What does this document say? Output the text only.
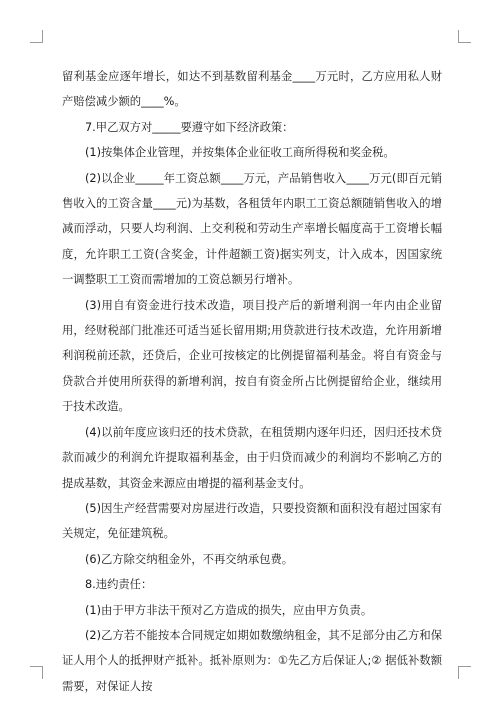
留利基金应逐年增长，如达不到基数留利基金____万元时，乙方应用私人财产赔偿减少额的____%。

7.甲乙双方对_____要遵守如下经济政策：

(1)按集体企业管理，并按集体企业征收工商所得税和奖金税。

(2)以企业_____年工资总额____万元，产品销售收入____万元(即百元销售收入的工资含量____元)为基数，各租赁年内职工工资总额随销售收入的增减而浮动，只要人均利润、上交利税和劳动生产率增长幅度高于工资增长幅度，允许职工工资(含奖金，计件超额工资)据实列支，计入成本，因国家统一调整职工工资而需增加的工资总额另行增补。

(3)用自有资金进行技术改造，项目投产后的新增利润一年内由企业留用，经财税部门批准还可适当延长留用期;用贷款进行技术改造，允许用新增利润税前还款，还贷后，企业可按核定的比例提留福利基金。将自有资金与贷款合并使用所获得的新增利润，按自有资金所占比例提留给企业，继续用于技术改造。

(4)以前年度应该归还的技术贷款，在租赁期内逐年归还，因归还技术贷款而减少的利润允许提取福利基金，由于归贷而减少的利润均不影响乙方的提成基数，其资金来源应由增提的福利基金支付。

(5)因生产经营需要对房屋进行改造，只要投资额和面积没有超过国家有关规定，免征建筑税。

(6)乙方除交纳租金外，不再交纳承包费。

8.违约责任：

(1)由于甲方非法干预对乙方造成的损失，应由甲方负责。

(2)乙方若不能按本合同规定如期如数缴纳租金，其不足部分由乙方和保证人用个人的抵押财产抵补。抵补原则为：①先乙方后保证人;② 据低补数额需要，对保证人按
